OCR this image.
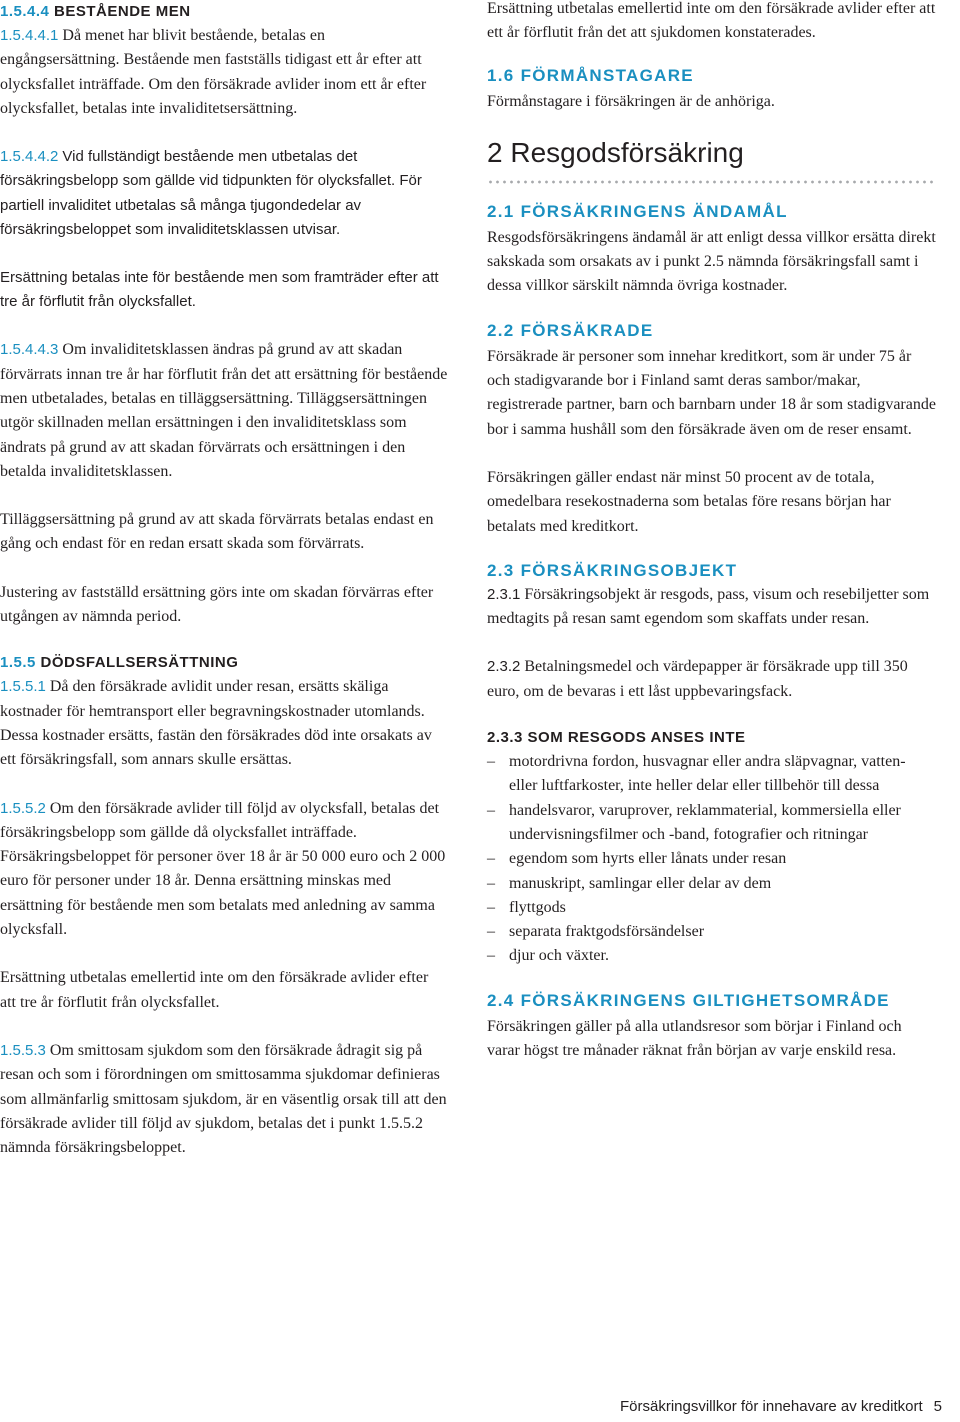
1.5.4.4 BESTÅENDE MEN

1.5.4.4.1 Då menet har blivit bestående, betalas en engångsersättning. Bestående men fastställs tidigast ett år efter att olycksfallet inträffade. Om den försäkrade avlider inom ett år efter olycksfallet, betalas inte invaliditetsersättning.

1.5.4.4.2 Vid fullständigt bestående men utbetalas det försäkringsbelopp som gällde vid tidpunkten för olycksfallet. För partiell invaliditet utbetalas så många tjugondedelar av försäkringsbeloppet som invaliditetsklassen utvisar.

Ersättning betalas inte för bestående men som framträder efter att tre år förflutit från olycksfallet.

1.5.4.4.3 Om invaliditetsklassen ändras på grund av att skadan förvärrats innan tre år har förflutit från det att ersättning för bestående men utbetalades, betalas en tilläggsersättning. Tilläggsersättningen utgör skillnaden mellan ersättningen i den invaliditetsklass som ändrats på grund av att skadan förvärrats och ersättningen i den betalda invaliditetsklassen.

Tilläggsersättning på grund av att skada förvärrats betalas endast en gång och endast för en redan ersatt skada som förvärrats.

Justering av fastställd ersättning görs inte om skadan förvärras efter utgången av nämnda period.

1.5.5 DÖDSFALLSERSÄTTNING

1.5.5.1 Då den försäkrade avlidit under resan, ersätts skäliga kostnader för hemtransport eller begravningskostnader utomlands. Dessa kostnader ersätts, fastän den försäkrades död inte orsakats av ett försäkringsfall, som annars skulle ersättas.

1.5.5.2 Om den försäkrade avlider till följd av olycksfall, betalas det försäkringsbelopp som gällde då olycksfallet inträffade. Försäkringsbeloppet för personer över 18 år är 50 000 euro och 2 000 euro för personer under 18 år. Denna ersättning minskas med ersättning för bestående men som betalats med anledning av samma olycksfall.

Ersättning utbetalas emellertid inte om den försäkrade avlider efter att tre år förflutit från olycksfallet.

1.5.5.3 Om smittosam sjukdom som den försäkrade ådragit sig på resan och som i förordningen om smittosamma sjukdomar definieras som allmänfarlig smittosam sjukdom, är en väsentlig orsak till att den försäkrade avlider till följd av sjukdom, betalas det i punkt 1.5.5.2 nämnda försäkringsbeloppet.

Ersättning utbetalas emellertid inte om den försäkrade avlider efter att ett år förflutit från det att sjukdomen konstaterades.

1.6 FÖRMÅNSTAGARE

Förmånstagare i försäkringen är de anhöriga.

2 Resgodsförsäkring
2.1 FÖRSÄKRINGENS ÄNDAMÅL

Resgodsförsäkringens ändamål är att enligt dessa villkor ersätta direkt sakskada som orsakats av i punkt 2.5 nämnda försäkringsfall samt i dessa villkor särskilt nämnda övriga kostnader.

2.2 FÖRSÄKRADE

Försäkrade är personer som innehar kreditkort, som är under 75 år och stadigvarande bor i Finland samt deras sambor/makar, registrerade partner, barn och barnbarn under 18 år som stadigvarande bor i samma hushåll som den försäkrade även om de reser ensamt.

Försäkringen gäller endast när minst 50 procent av de totala, omedelbara resekostnaderna som betalas före resans början har betalats med kreditkort.

2.3 FÖRSÄKRINGSOBJEKT

2.3.1 Försäkringsobjekt är resgods, pass, visum och resebiljetter som medtagits på resan samt egendom som skaffats under resan.

2.3.2 Betalningsmedel och värdepapper är försäkrade upp till 350 euro, om de bevaras i ett låst uppbevaringsfack.

2.3.3 SOM RESGODS ANSES INTE
– motordrivna fordon, husvagnar eller andra släpvagnar, vatten- eller luftfarkoster, inte heller delar eller tillbehör till dessa
– handelsvaror, varuprover, reklammaterial, kommersiella eller undervisningsfilmer och -band, fotografier och ritningar
– egendom som hyrts eller lånats under resan
– manuskript, samlingar eller delar av dem
– flyttgods
– separata fraktgodsförsändelser
– djur och växter.
2.4 FÖRSÄKRINGENS GILTIGHETSOMRÅDE

Försäkringen gäller på alla utlandsresor som börjar i Finland och varar högst tre månader räknat från början av varje enskild resa.

Försäkringsvillkor för innehavare av kreditkort 5
